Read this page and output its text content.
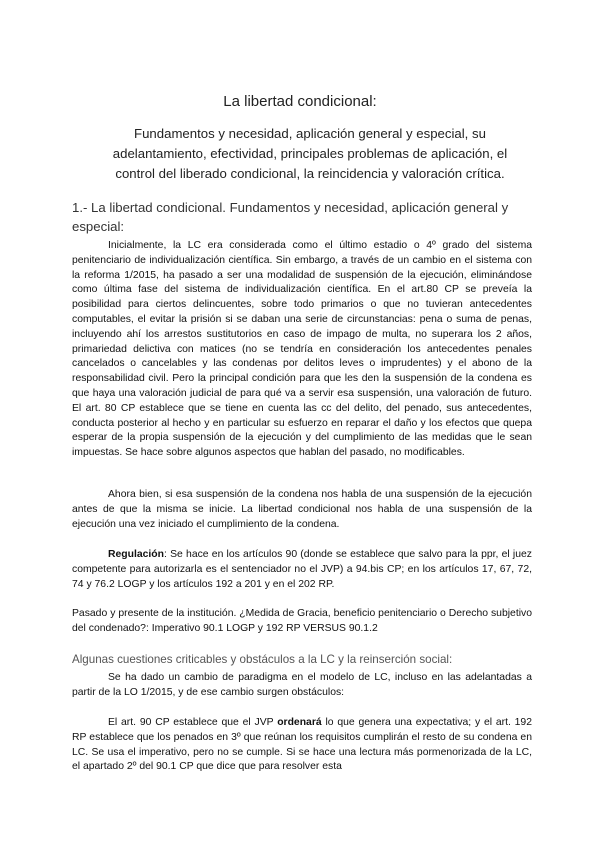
La libertad condicional:
Fundamentos y necesidad, aplicación general y especial, su adelantamiento, efectividad, principales problemas de aplicación, el control del liberado condicional, la reincidencia y valoración crítica.
1.- La libertad condicional. Fundamentos y necesidad, aplicación general y especial:

Inicialmente, la LC era considerada como el último estadio o 4º grado del sistema penitenciario de individualización científica. Sin embargo, a través de un cambio en el sistema con la reforma 1/2015, ha pasado a ser una modalidad de suspensión de la ejecución, eliminándose como última fase del sistema de individualización científica. En el art.80 CP se preveía la posibilidad para ciertos delincuentes, sobre todo primarios o que no tuvieran antecedentes computables, el evitar la prisión si se daban una serie de circunstancias: pena o suma de penas, incluyendo ahí los arrestos sustitutorios en caso de impago de multa, no superara los 2 años, primariedad delictiva con matices (no se tendría en consideración los antecedentes penales cancelados o cancelables y las condenas por delitos leves o imprudentes) y el abono de la responsabilidad civil. Pero la principal condición para que les den la suspensión de la condena es que haya una valoración judicial de para qué va a servir esa suspensión, una valoración de futuro. El art. 80 CP establece que se tiene en cuenta las cc del delito, del penado, sus antecedentes, conducta posterior al hecho y en particular su esfuerzo en reparar el daño y los efectos que quepa esperar de la propia suspensión de la ejecución y del cumplimiento de las medidas que le sean impuestas. Se hace sobre algunos aspectos que hablan del pasado, no modificables.

Ahora bien, si esa suspensión de la condena nos habla de una suspensión de la ejecución antes de que la misma se inicie. La libertad condicional nos habla de una suspensión de la ejecución una vez iniciado el cumplimiento de la condena.

Regulación: Se hace en los artículos 90 (donde se establece que salvo para la ppr, el juez competente para autorizarla es el sentenciador no el JVP) a 94.bis CP; en los artículos 17, 67, 72, 74 y 76.2 LOGP y los artículos 192 a 201 y en el 202 RP.

Pasado y presente de la institución. ¿Medida de Gracia, beneficio penitenciario o Derecho subjetivo del condenado?: Imperativo 90.1 LOGP y 192 RP VERSUS 90.1.2

Algunas cuestiones criticables y obstáculos a la LC y la reinserción social:

Se ha dado un cambio de paradigma en el modelo de LC, incluso en las adelantadas a partir de la LO 1/2015, y de ese cambio surgen obstáculos:

El art. 90 CP establece que el JVP ordenará lo que genera una expectativa; y el art. 192 RP establece que los penados en 3º que reúnan los requisitos cumplirán el resto de su condena en LC. Se usa el imperativo, pero no se cumple. Si se hace una lectura más pormenorizada de la LC, el apartado 2º del 90.1 CP que dice que para resolver esta
